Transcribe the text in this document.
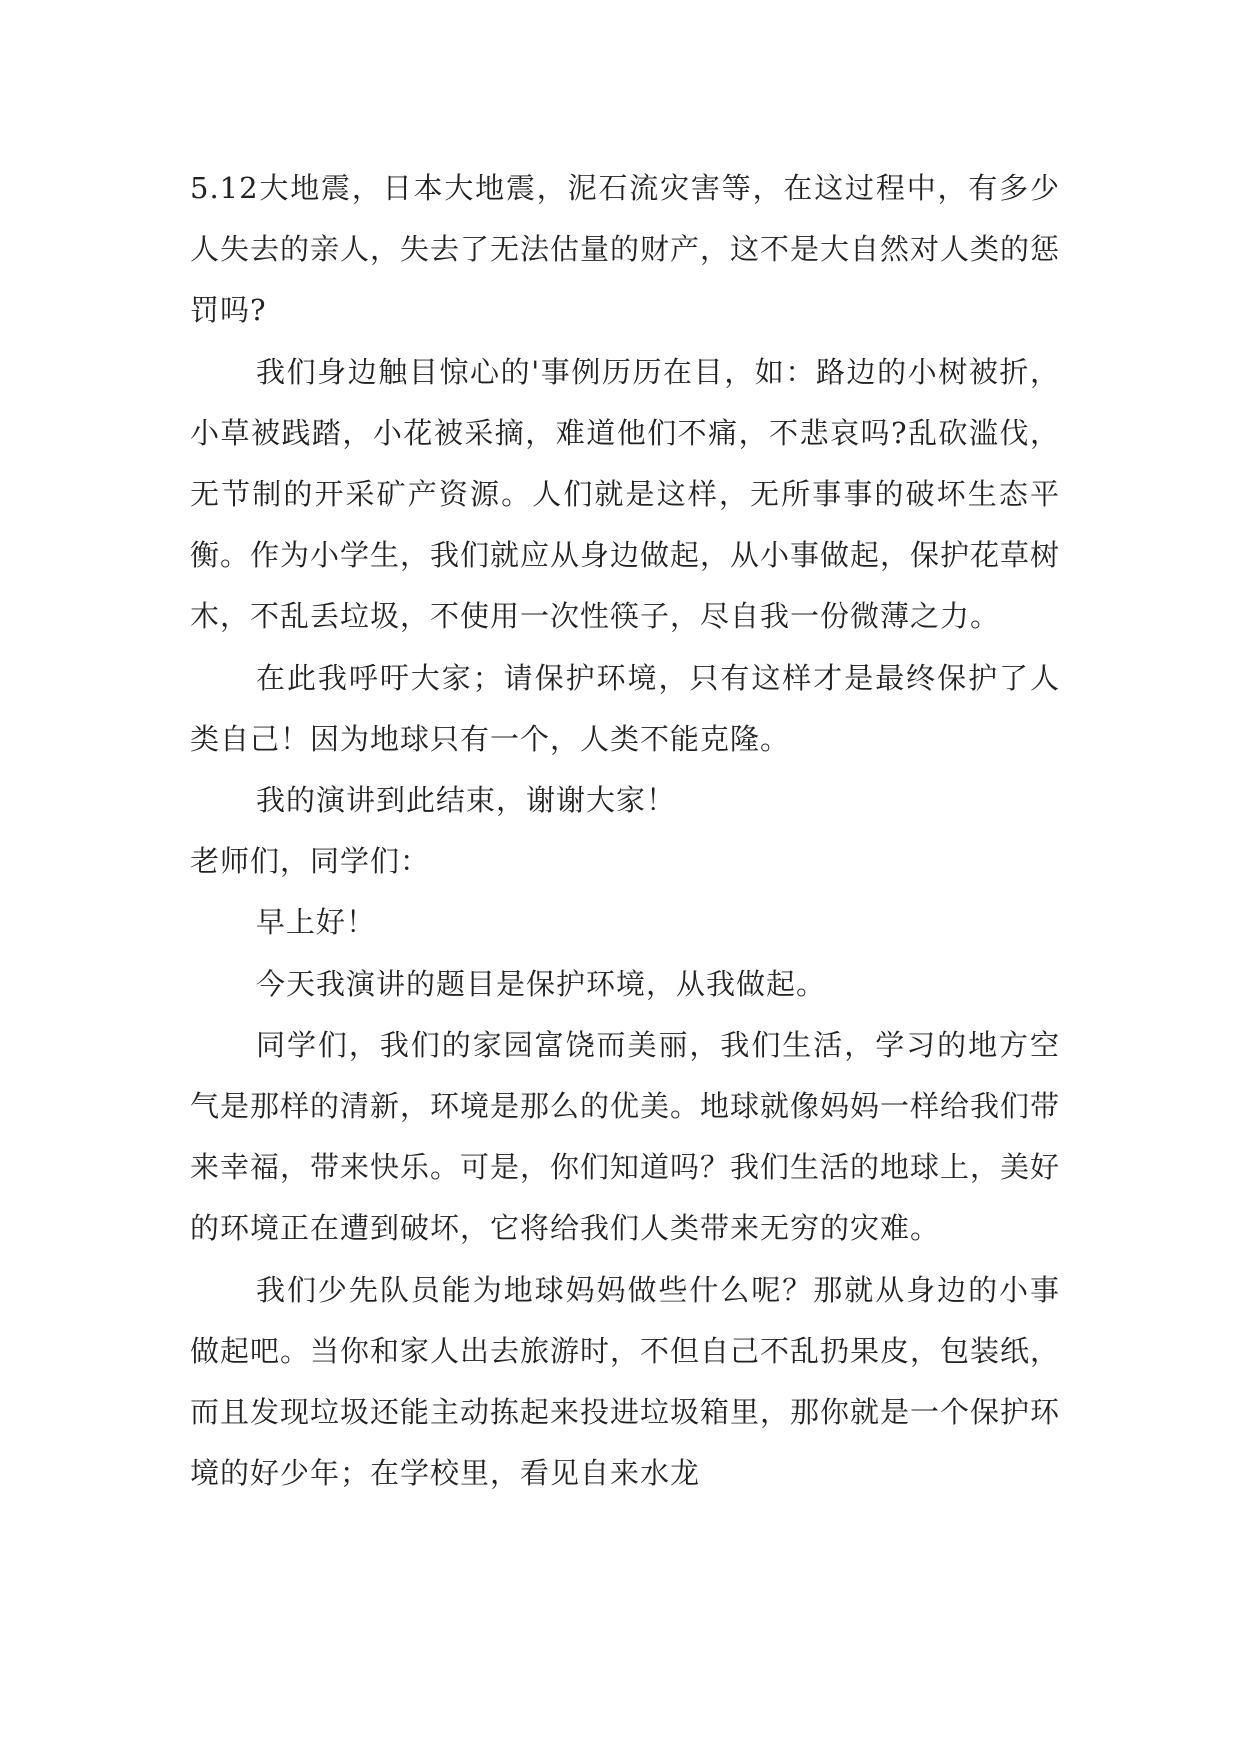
5.12大地震，日本大地震，泥石流灾害等，在这过程中，有多少人失去的亲人，失去了无法估量的财产，这不是大自然对人类的惩罚吗?

我们身边触目惊心的'事例历历在目，如：路边的小树被折，小草被践踏，小花被采摘，难道他们不痛，不悲哀吗?乱砍滥伐，无节制的开采矿产资源。人们就是这样，无所事事的破坏生态平衡。作为小学生，我们就应从身边做起，从小事做起，保护花草树木，不乱丢垃圾，不使用一次性筷子，尽自我一份微薄之力。

在此我呼吁大家；请保护环境，只有这样才是最终保护了人类自己！因为地球只有一个，人类不能克隆。

我的演讲到此结束，谢谢大家！

老师们，同学们：

早上好！

今天我演讲的题目是保护环境，从我做起。

同学们，我们的家园富饶而美丽，我们生活，学习的地方空气是那样的清新，环境是那么的优美。地球就像妈妈一样给我们带来幸福，带来快乐。可是，你们知道吗？我们生活的地球上，美好的环境正在遭到破坏，它将给我们人类带来无穷的灾难。

我们少先队员能为地球妈妈做些什么呢？那就从身边的小事做起吧。当你和家人出去旅游时，不但自己不乱扔果皮，包装纸，而且发现垃圾还能主动拣起来投进垃圾箱里，那你就是一个保护环境的好少年；在学校里，看见自来水龙
